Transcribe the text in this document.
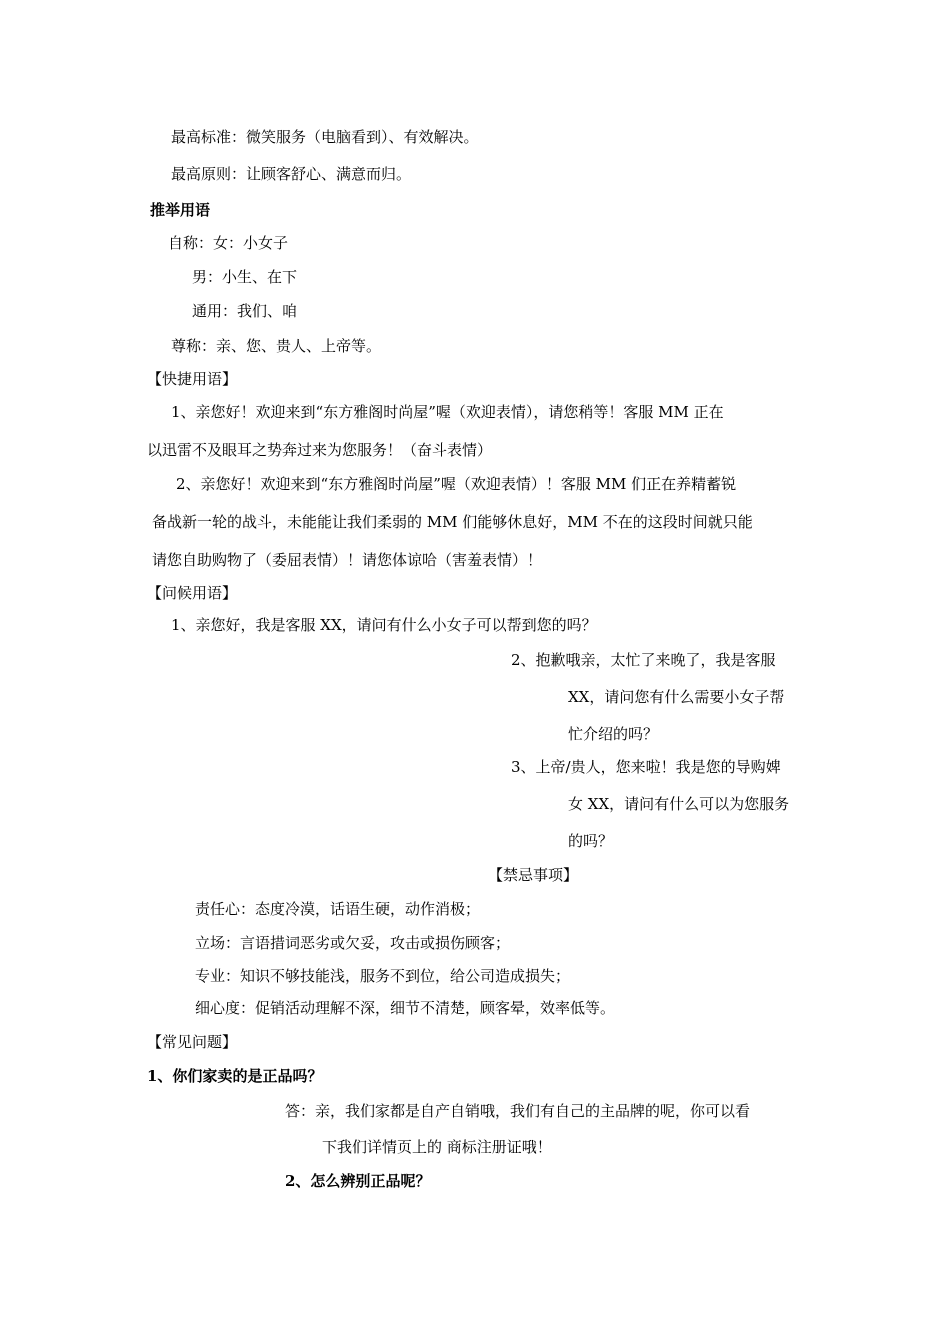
最高标准：微笑服务（电脑看到）、有效解决。
最高原则：让顾客舒心、满意而归。
推举用语
自称：女：小女子
男：小生、在下
通用：我们、咱
尊称：亲、您、贵人、上帝等。
【快捷用语】
1、亲您好！欢迎来到“东方雅阁时尚屋”喔（欢迎表情），请您稍等！客服 MM 正在
以迅雷不及眼耳之势奔过来为您服务！（奋斗表情）
2、亲您好！欢迎来到“东方雅阁时尚屋”喔（欢迎表情）！客服 MM 们正在养精蓄锐
备战新一轮的战斗，未能能让我们柔弱的 MM 们能够休息好，MM 不在的这段时间就只能
请您自助购物了（委屈表情）！请您体谅哈（害羞表情）！
【问候用语】
1、亲您好，我是客服 XX，请问有什么小女子可以帮到您的吗？
2、抱歉哦亲，太忙了来晚了，我是客服
XX，请问您有什么需要小女子帮
忙介绍的吗？
3、上帝/贵人，您来啦！我是您的导购婢
女 XX，请问有什么可以为您服务
的吗？
【禁忌事项】
责任心：态度冷漠，话语生硬，动作消极；
立场：言语措词恶劣或欠妥，攻击或损伤顾客；
专业：知识不够技能浅，服务不到位，给公司造成损失；
细心度：促销活动理解不深，细节不清楚，顾客晕，效率低等。
【常见问题】
1、你们家卖的是正品吗？
答：亲，我们家都是自产自销哦，我们有自己的主品牌的呢，你可以看
下我们详情页上的 商标注册证哦！
2、怎么辨别正品呢？
